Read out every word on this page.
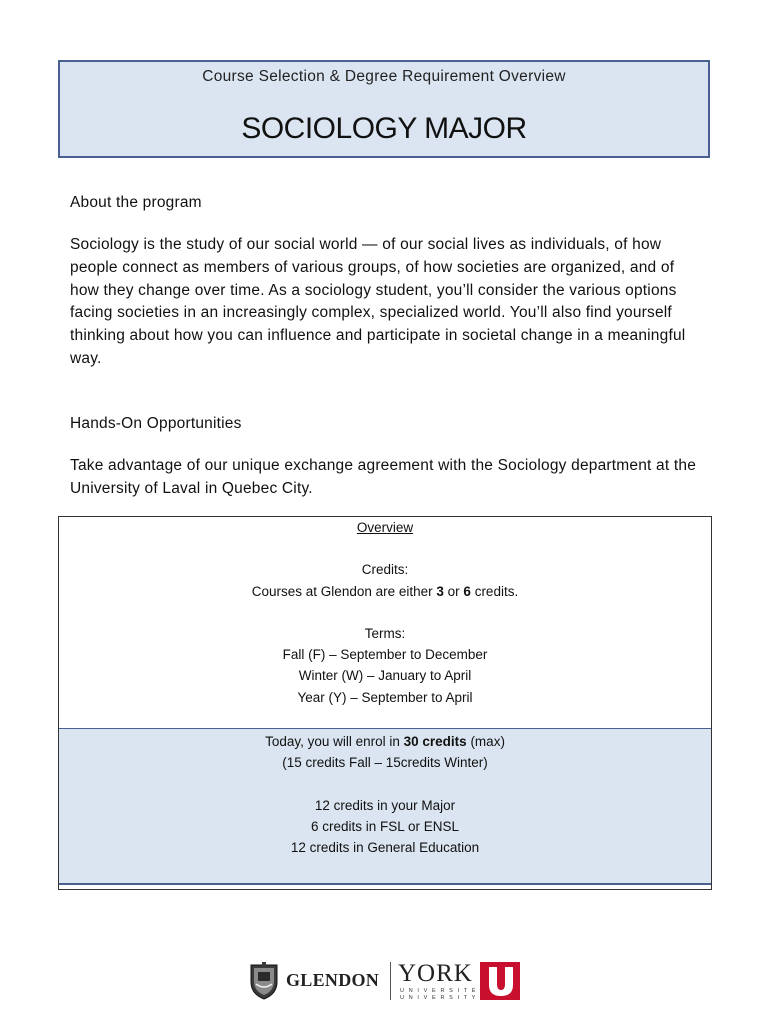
Course Selection & Degree Requirement Overview
SOCIOLOGY MAJOR
About the program
Sociology is the study of our social world — of our social lives as individuals, of how people connect as members of various groups, of how societies are organized, and of how they change over time. As a sociology student, you’ll consider the various options facing societies in an increasingly complex, specialized world. You’ll also find yourself thinking about how you can influence and participate in societal change in a meaningful way.
Hands-On Opportunities
Take advantage of our unique exchange agreement with the Sociology department at the University of Laval in Quebec City.
Overview
Credits:
Courses at Glendon are either 3 or 6 credits.
Terms:
Fall (F) – September to December
Winter (W) – January to April
Year (Y) – September to April
Today, you will enrol in 30 credits (max)
(15 credits Fall – 15credits Winter)
12 credits in your Major
6 credits in FSL or ENSL
12 credits in General Education
GLENDON YORK
U N I V E R S I T É
U N I V E R S I T Y
